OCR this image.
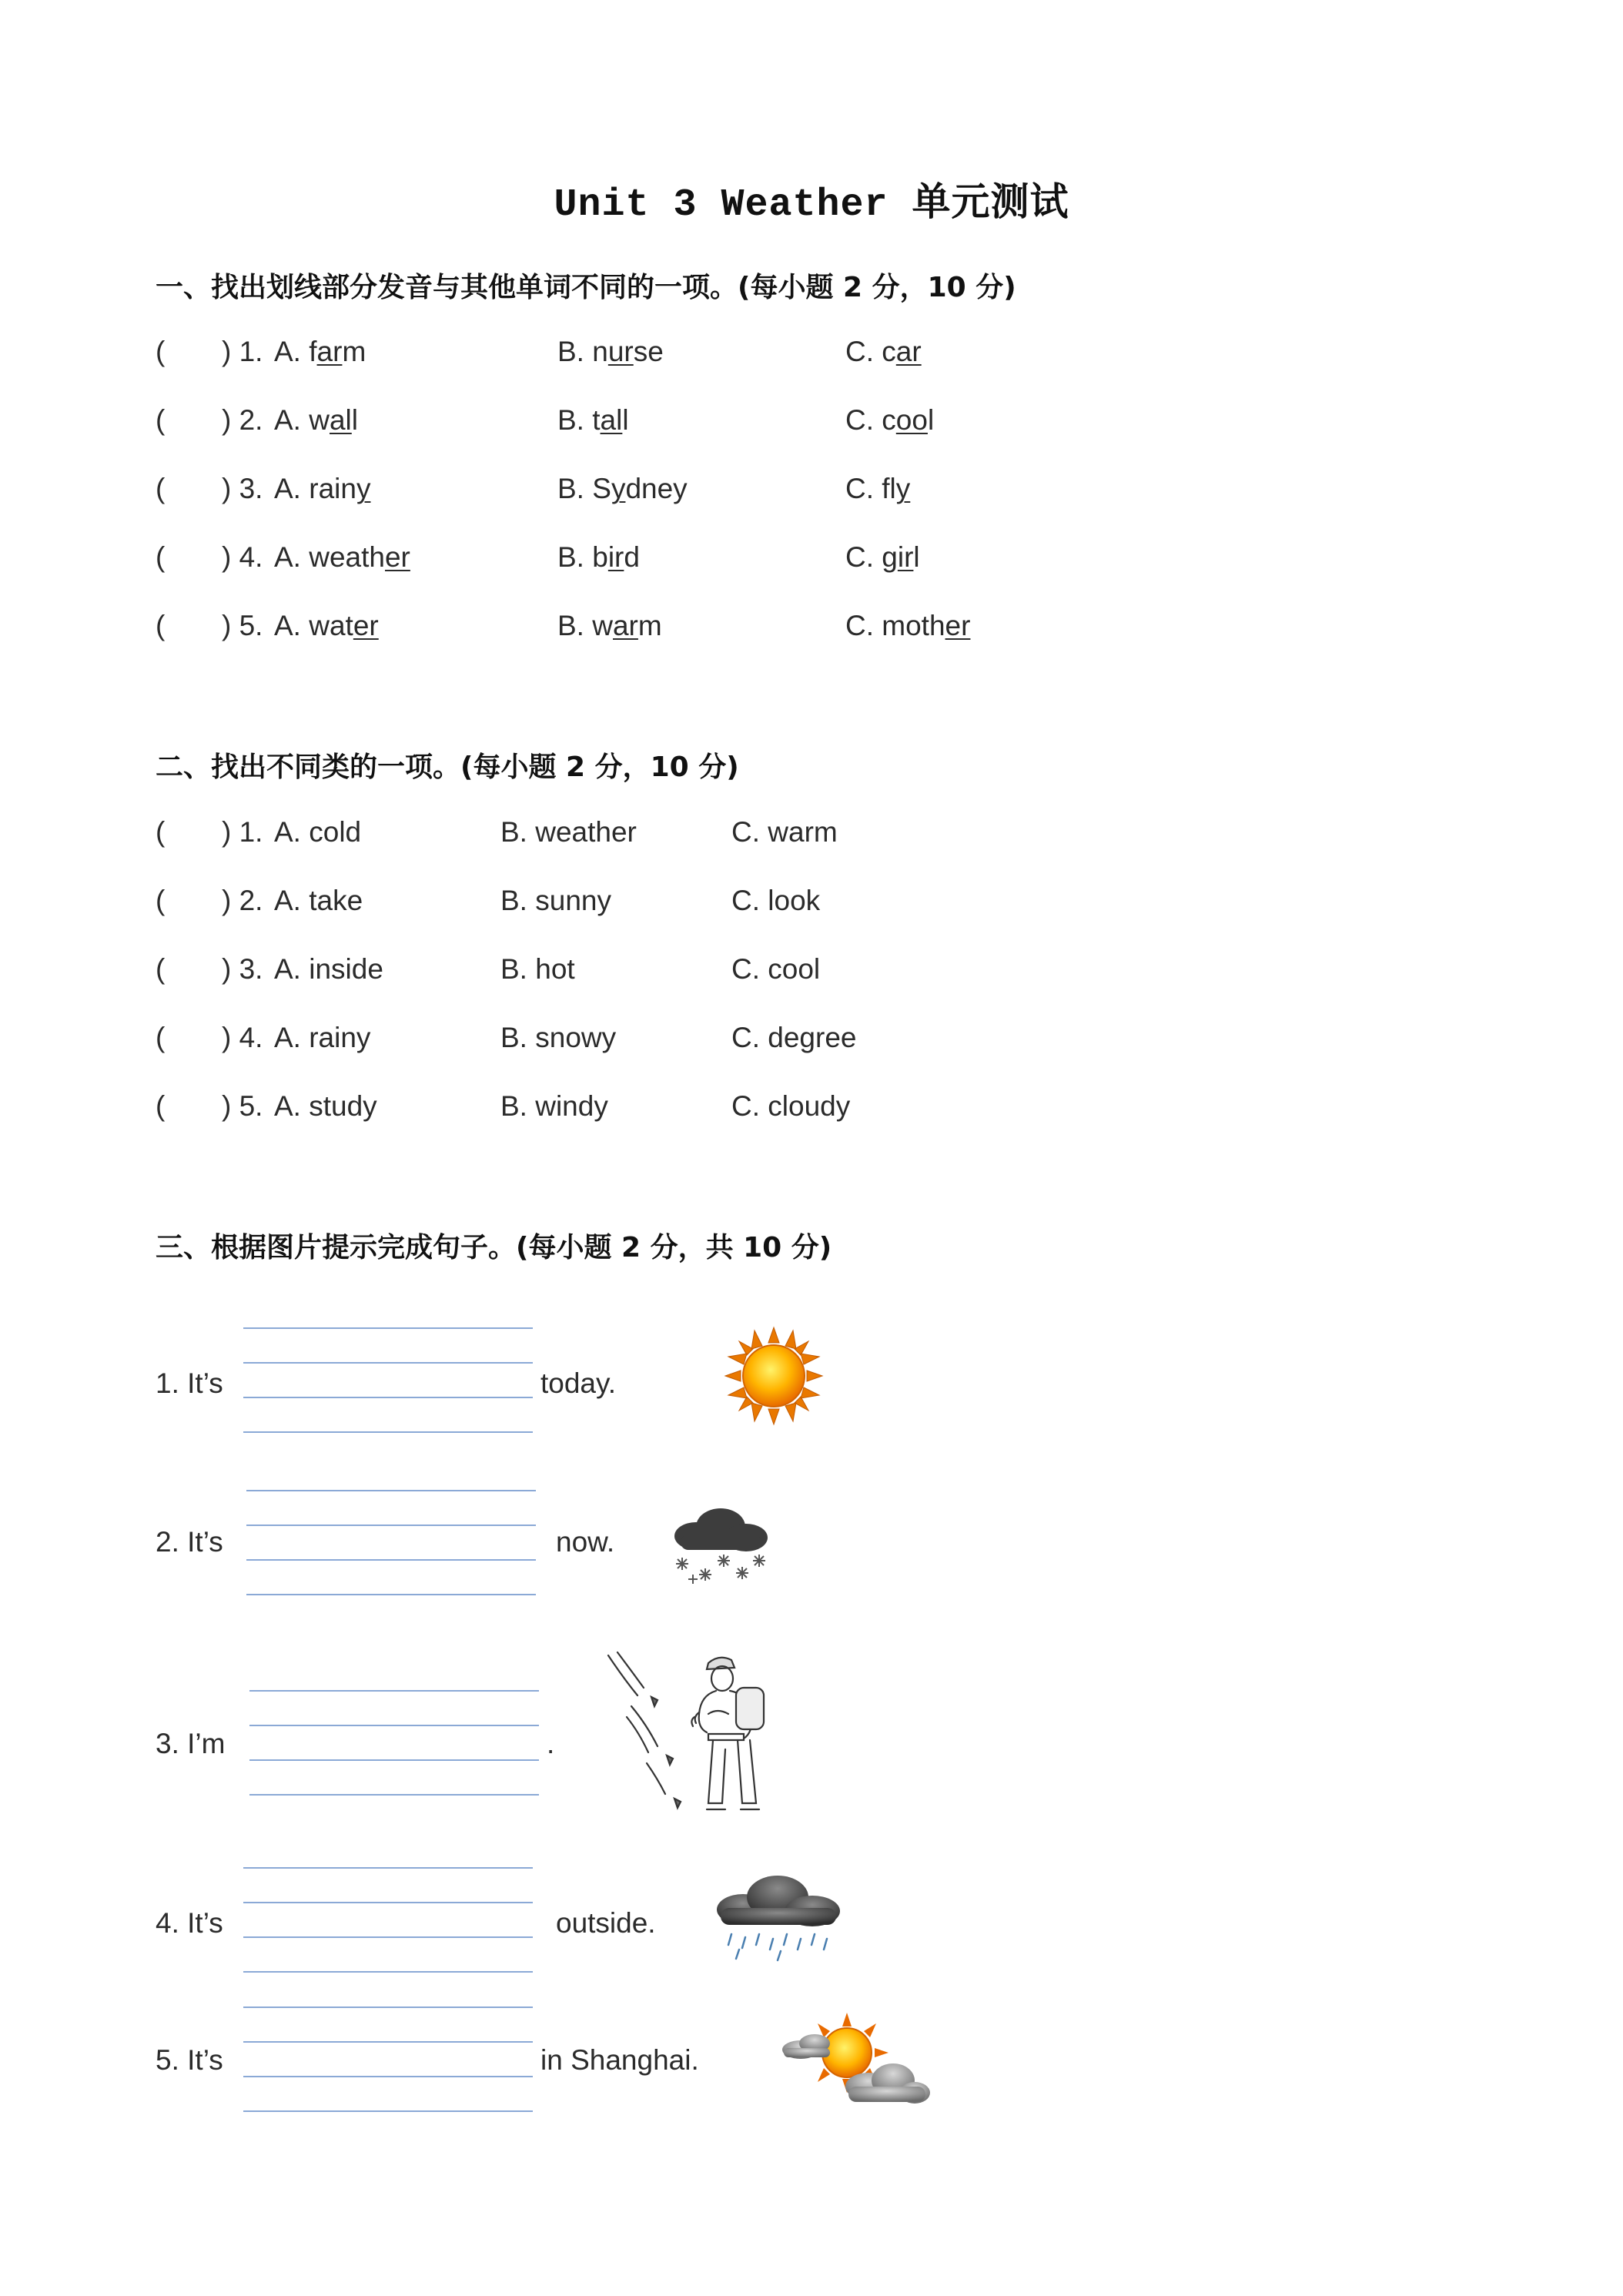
Unit 3 Weather 单元测试
一、找出划线部分发音与其他单词不同的一项。(每小题 2 分，10 分)
( ) 1. A. farm	B. nurse	C. car
( ) 2. A. wall	B. tall	C. cool
( ) 3. A. rainy	B. Sydney	C. fly
( ) 4. A. weather	B. bird	C. girl
( ) 5. A. water	B. warm	C. mother
二、找出不同类的一项。(每小题 2 分，10 分)
( ) 1. A. cold	B. weather	C. warm
( ) 2. A. take	B. sunny	C. look
( ) 3. A. inside	B. hot	C. cool
( ) 4. A. rainy	B. snowy	C. degree
( ) 5. A. study	B. windy	C. cloudy
三、根据图片提示完成句子。(每小题 2 分，共 10 分)
1. It’s	today.
2. It’s	now.
3. I’m	.
4. It’s	outside.
5. It’s	in Shanghai.
